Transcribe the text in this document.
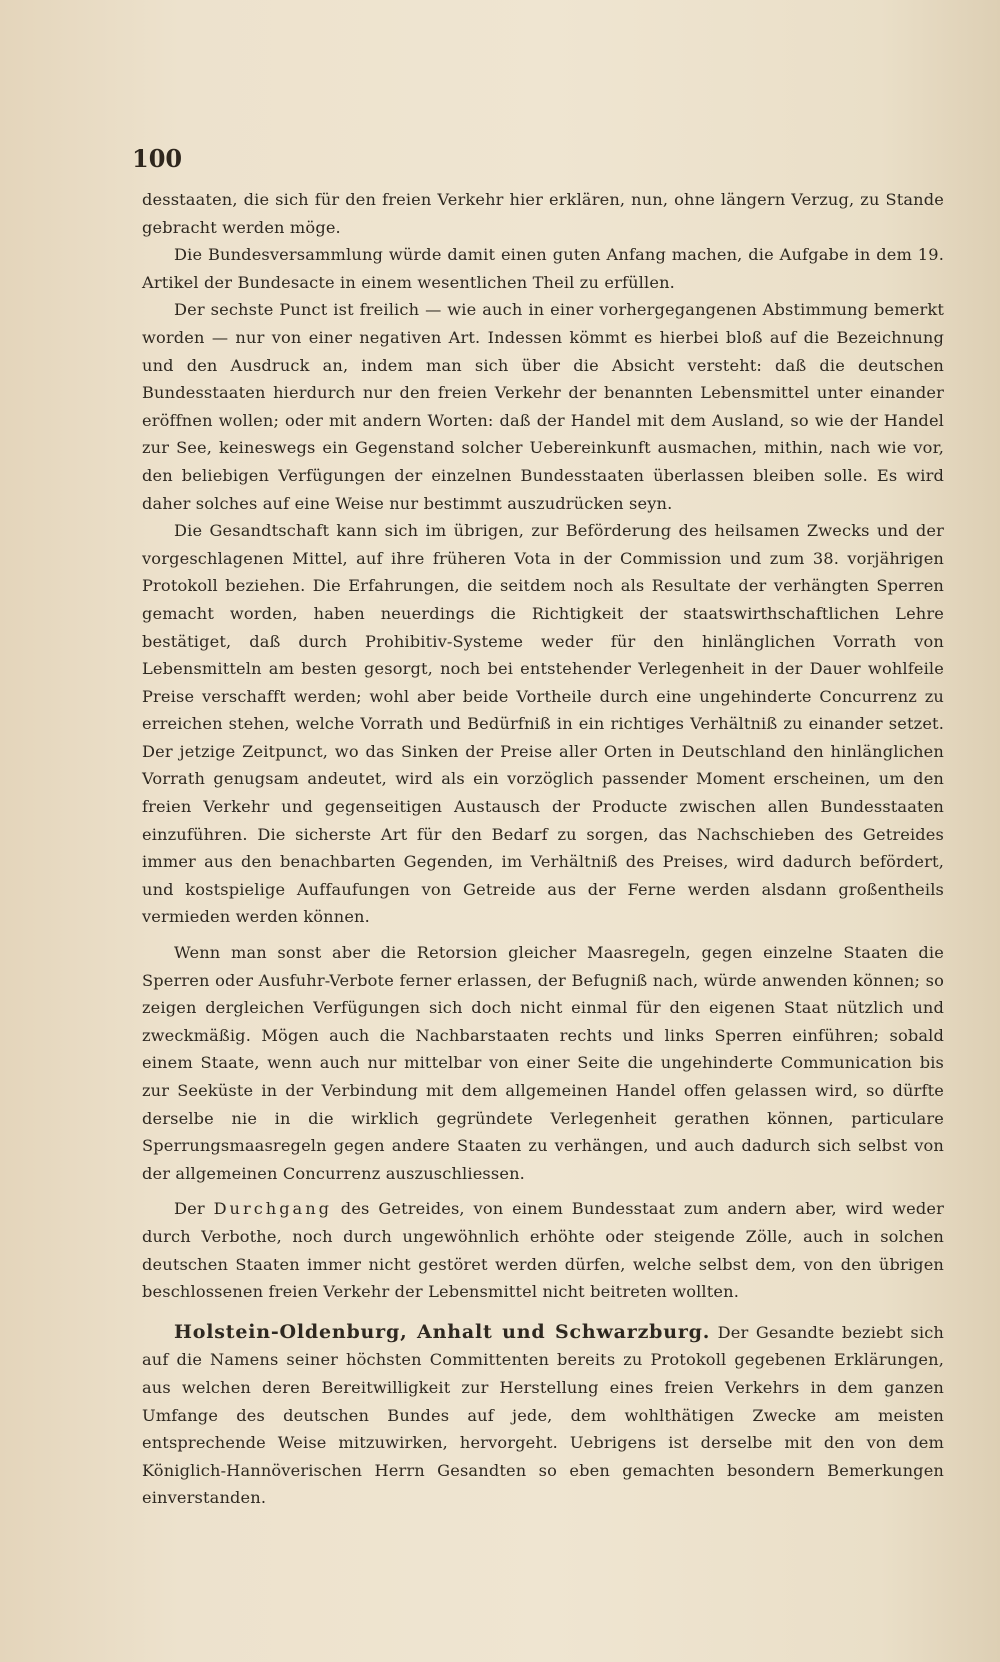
100

desstaaten, die sich für den freien Verkehr hier erklären, nun, ohne längern Verzug, zu Stande gebracht werden möge.

Die Bundesversammlung würde damit einen guten Anfang machen, die Aufgabe in dem 19. Artikel der Bundesacte in einem wesentlichen Theil zu erfüllen.

Der sechste Punct ist freilich — wie auch in einer vorhergegangenen Abstimmung bemerkt worden — nur von einer negativen Art. Indessen kömmt es hierbei bloß auf die Bezeichnung und den Ausdruck an, indem man sich über die Absicht versteht: daß die deutschen Bundesstaaten hierdurch nur den freien Verkehr der benannten Lebensmittel unter einander eröffnen wollen; oder mit andern Worten: daß der Handel mit dem Ausland, so wie der Handel zur See, keineswegs ein Gegenstand solcher Uebereinkunft ausmachen, mithin, nach wie vor, den beliebigen Verfügungen der einzelnen Bundesstaaten überlassen bleiben solle. Es wird daher solches auf eine Weise nur bestimmt auszudrücken seyn.

Die Gesandtschaft kann sich im übrigen, zur Beförderung des heilsamen Zwecks und der vorgeschlagenen Mittel, auf ihre früheren Vota in der Commission und zum 38. vorjährigen Protokoll beziehen. Die Erfahrungen, die seitdem noch als Resultate der verhängten Sperren gemacht worden, haben neuerdings die Richtigkeit der staatswirthschaftlichen Lehre bestätiget, daß durch Prohibitiv-Systeme weder für den hinlänglichen Vorrath von Lebensmitteln am besten gesorgt, noch bei entstehender Verlegenheit in der Dauer wohlfeile Preise verschafft werden; wohl aber beide Vortheile durch eine ungehinderte Concurrenz zu erreichen stehen, welche Vorrath und Bedürfniß in ein richtiges Verhältniß zu einander setzet. Der jetzige Zeitpunct, wo das Sinken der Preise aller Orten in Deutschland den hinlänglichen Vorrath genugsam andeutet, wird als ein vorzöglich passender Moment erscheinen, um den freien Verkehr und gegenseitigen Austausch der Producte zwischen allen Bundesstaaten einzuführen. Die sicherste Art für den Bedarf zu sorgen, das Nachschieben des Getreides immer aus den benachbarten Gegenden, im Verhältniß des Preises, wird dadurch befördert, und kostspielige Auffaufungen von Getreide aus der Ferne werden alsdann großentheils vermieden werden können.

Wenn man sonst aber die Retorsion gleicher Maasregeln, gegen einzelne Staaten die Sperren oder Ausfuhr-Verbote ferner erlassen, der Befugniß nach, würde anwenden können; so zeigen dergleichen Verfügungen sich doch nicht einmal für den eigenen Staat nützlich und zweckmäßig. Mögen auch die Nachbarstaaten rechts und links Sperren einführen; sobald einem Staate, wenn auch nur mittelbar von einer Seite die ungehinderte Communication bis zur Seeküste in der Verbindung mit dem allgemeinen Handel offen gelassen wird, so dürfte derselbe nie in die wirklich gegründete Verlegenheit gerathen können, particulare Sperrungsmaasregeln gegen andere Staaten zu verhängen, und auch dadurch sich selbst von der allgemeinen Concurrenz auszuschliessen.

Der Durchgang des Getreides, von einem Bundesstaat zum andern aber, wird weder durch Verbothe, noch durch ungewöhnlich erhöhte oder steigende Zölle, auch in solchen deutschen Staaten immer nicht gestöret werden dürfen, welche selbst dem, von den übrigen beschlossenen freien Verkehr der Lebensmittel nicht beitreten wollten.

Holstein-Oldenburg, Anhalt und Schwarzburg. Der Gesandte beziebt sich auf die Namens seiner höchsten Committenten bereits zu Protokoll gegebenen Erklärungen, aus welchen deren Bereitwilligkeit zur Herstellung eines freien Verkehrs in dem ganzen Umfange des deutschen Bundes auf jede, dem wohlthätigen Zwecke am meisten entsprechende Weise mitzuwirken, hervorgeht. Uebrigens ist derselbe mit den von dem Königlich-Hannöverischen Herrn Gesandten so eben gemachten besondern Bemerkungen einverstanden.
